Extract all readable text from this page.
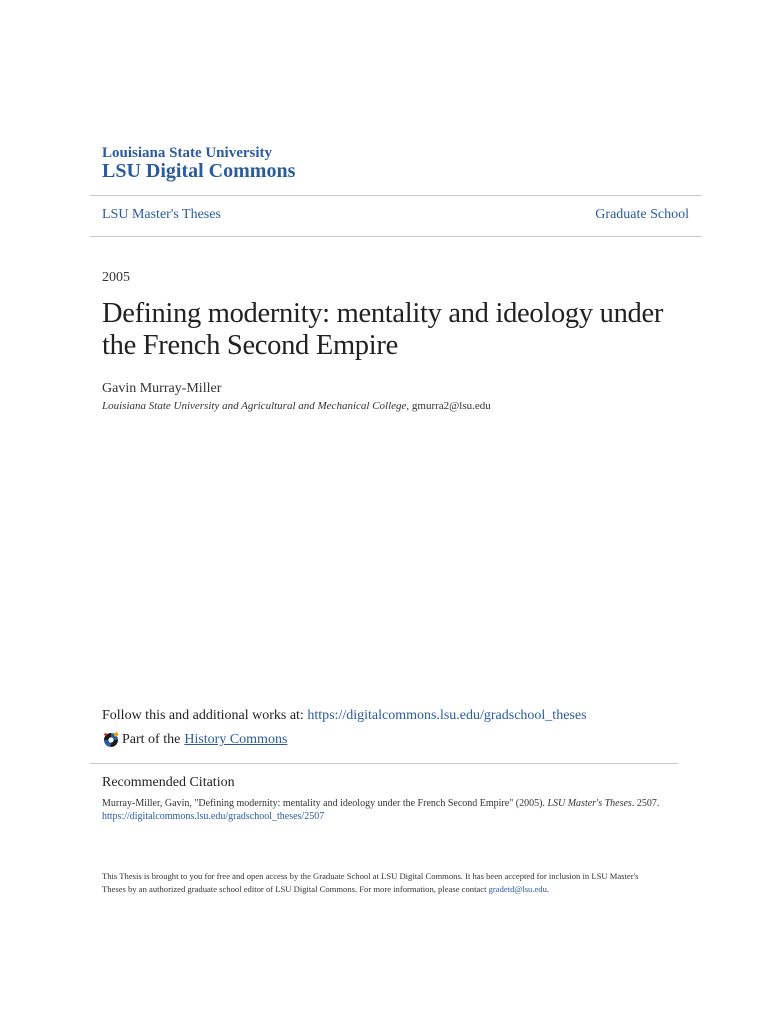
Louisiana State University
LSU Digital Commons
LSU Master's Theses	Graduate School
2005
Defining modernity: mentality and ideology under the French Second Empire
Gavin Murray-Miller
Louisiana State University and Agricultural and Mechanical College, gmurra2@lsu.edu
Follow this and additional works at: https://digitalcommons.lsu.edu/gradschool_theses
Part of the History Commons
Recommended Citation
Murray-Miller, Gavin, "Defining modernity: mentality and ideology under the French Second Empire" (2005). LSU Master's Theses. 2507.
https://digitalcommons.lsu.edu/gradschool_theses/2507
This Thesis is brought to you for free and open access by the Graduate School at LSU Digital Commons. It has been accepted for inclusion in LSU Master's Theses by an authorized graduate school editor of LSU Digital Commons. For more information, please contact gradetd@lsu.edu.
